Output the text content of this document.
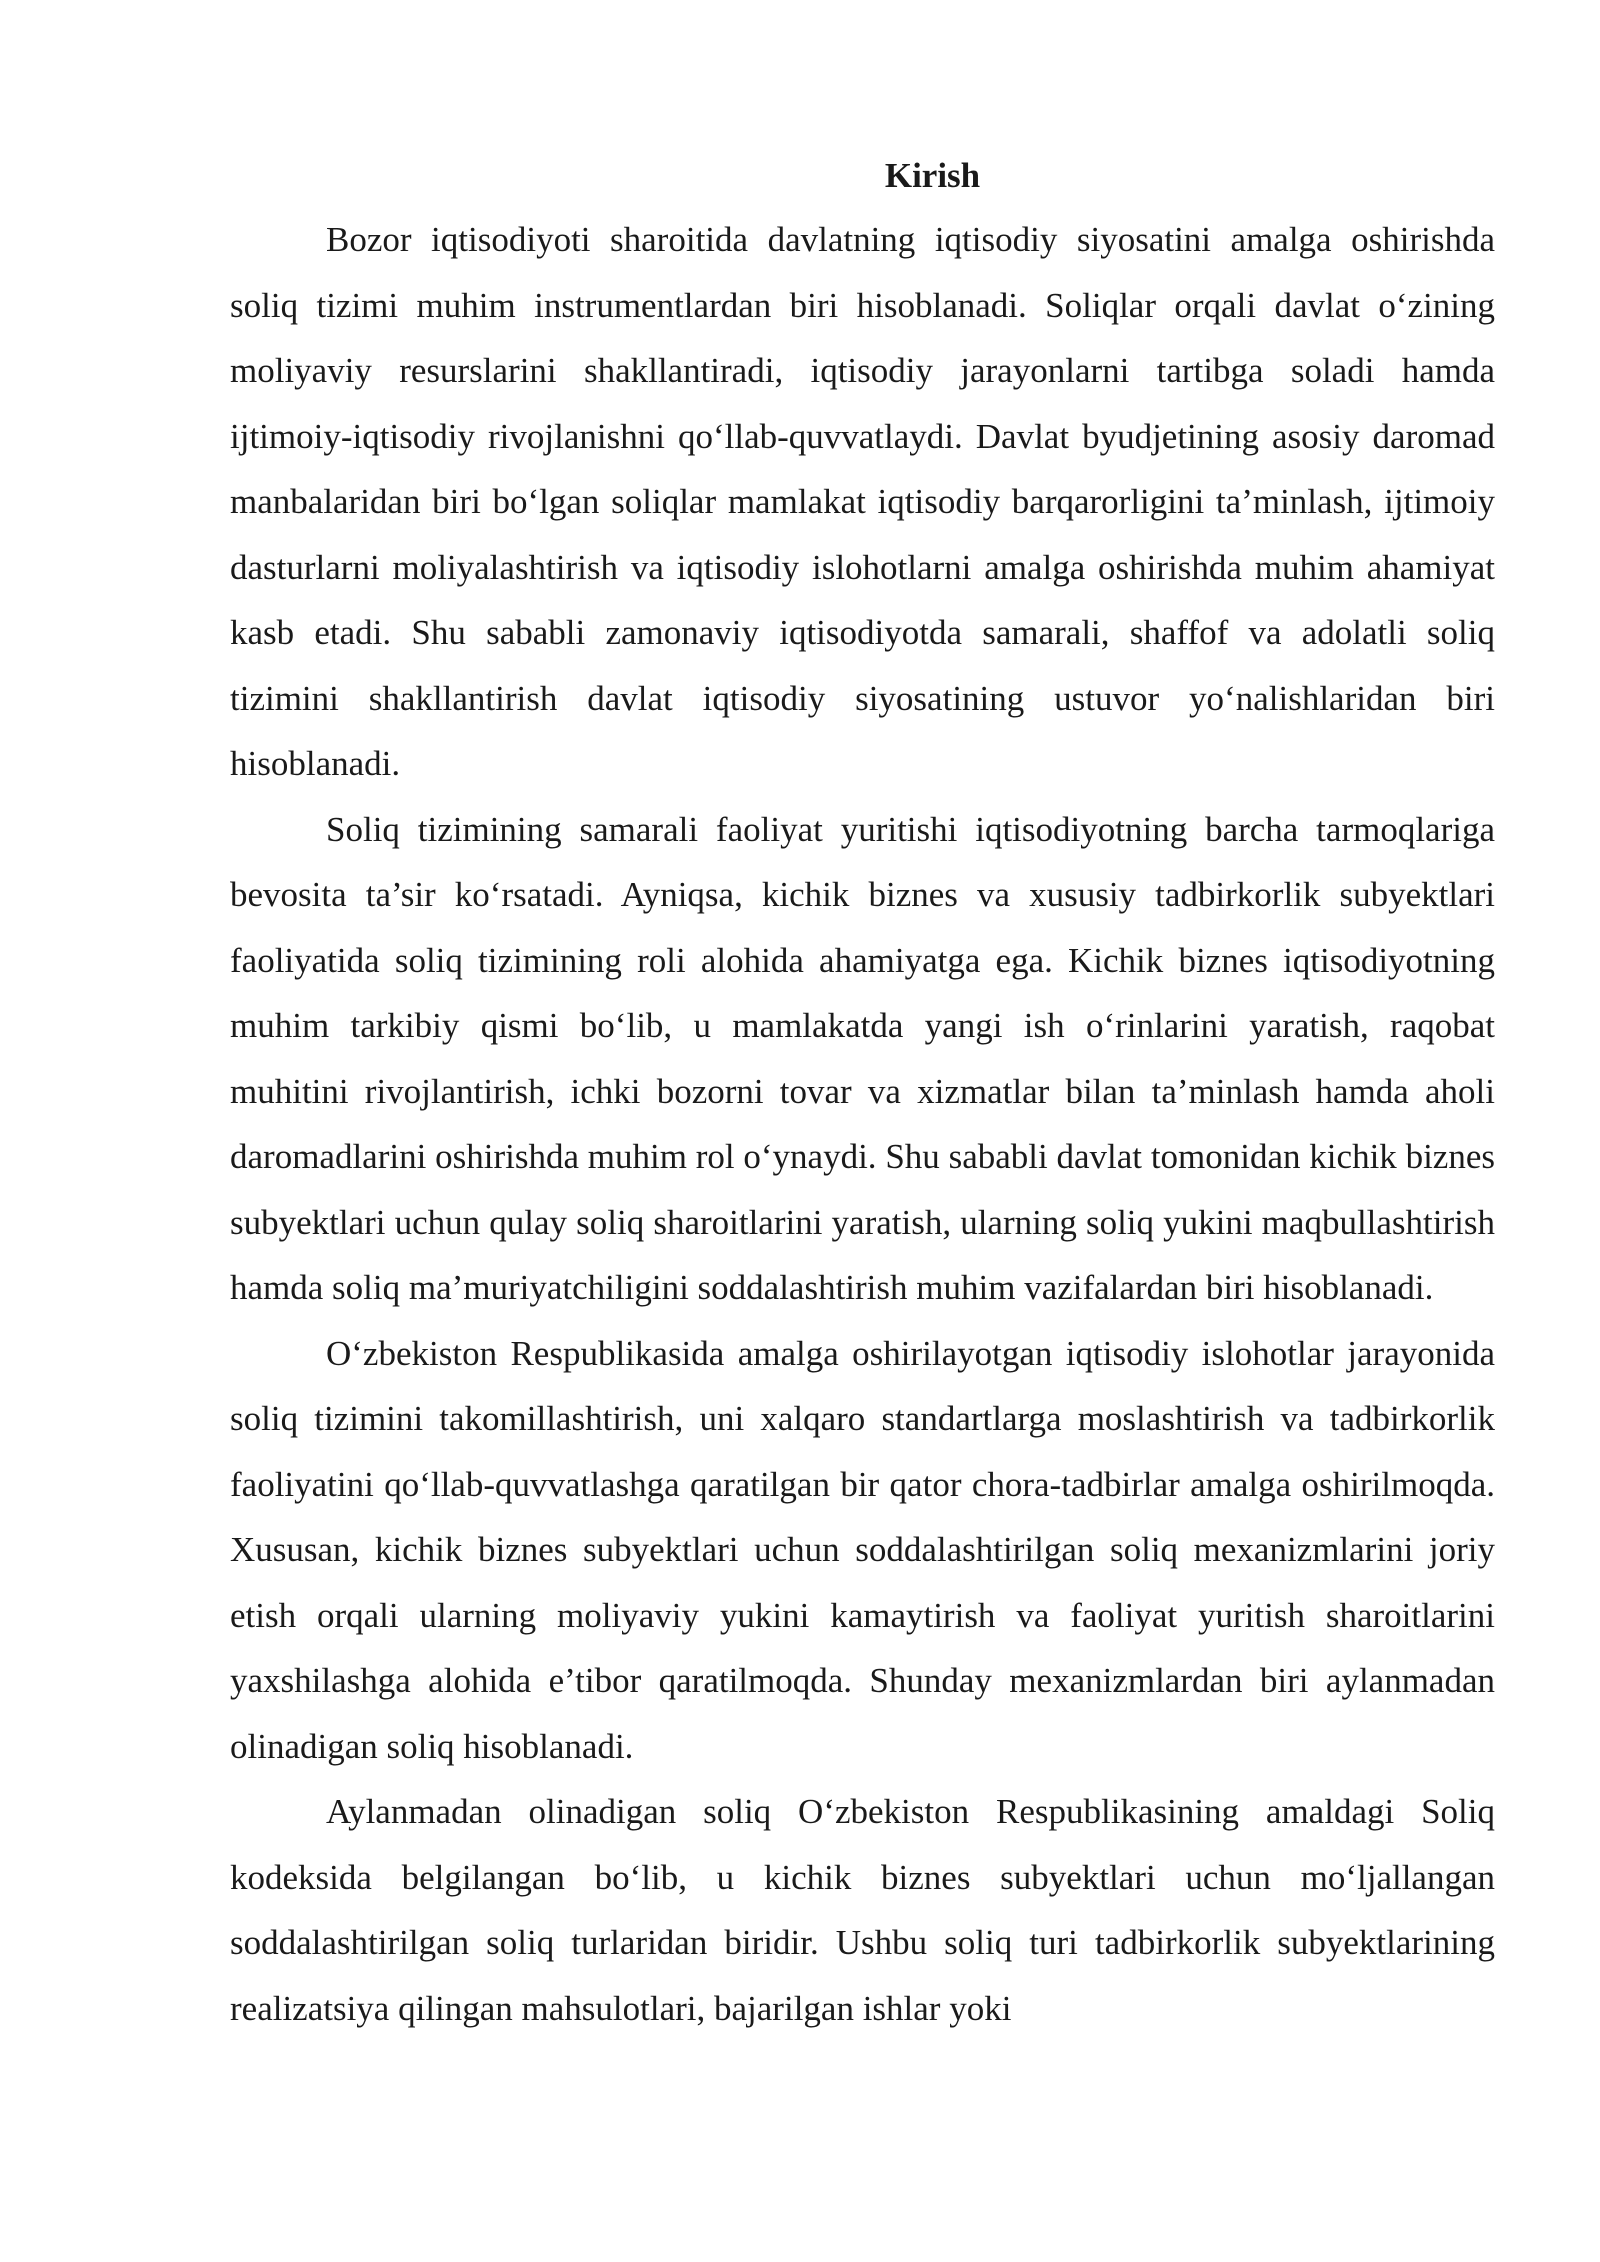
Kirish

Bozor iqtisodiyoti sharoitida davlatning iqtisodiy siyosatini amalga oshirishda soliq tizimi muhim instrumentlardan biri hisoblanadi. Soliqlar orqali davlat o‘zining moliyaviy resurslarini shakllantiradi, iqtisodiy jarayonlarni tartibga soladi hamda ijtimoiy-iqtisodiy rivojlanishni qo‘llab-quvvatlaydi. Davlat byudjetining asosiy daromad manbalaridan biri bo‘lgan soliqlar mamlakat iqtisodiy barqarorligini ta’minlash, ijtimoiy dasturlarni moliyalashtirish va iqtisodiy islohotlarni amalga oshirishda muhim ahamiyat kasb etadi. Shu sababli zamonaviy iqtisodiyotda samarali, shaffof va adolatli soliq tizimini shakllantirish davlat iqtisodiy siyosatining ustuvor yo‘nalishlaridan biri hisoblanadi.

Soliq tizimining samarali faoliyat yuritishi iqtisodiyotning barcha tarmoqlariga bevosita ta’sir ko‘rsatadi. Ayniqsa, kichik biznes va xususiy tadbirkorlik subyektlari faoliyatida soliq tizimining roli alohida ahamiyatga ega. Kichik biznes iqtisodiyotning muhim tarkibiy qismi bo‘lib, u mamlakatda yangi ish o‘rinlarini yaratish, raqobat muhitini rivojlantirish, ichki bozorni tovar va xizmatlar bilan ta’minlash hamda aholi daromadlarini oshirishda muhim rol o‘ynaydi. Shu sababli davlat tomonidan kichik biznes subyektlari uchun qulay soliq sharoitlarini yaratish, ularning soliq yukini maqbullashtirish hamda soliq ma’muriyatchiligini soddalashtirish muhim vazifalardan biri hisoblanadi.

O‘zbekiston Respublikasida amalga oshirilayotgan iqtisodiy islohotlar jarayonida soliq tizimini takomillashtirish, uni xalqaro standartlarga moslashtirish va tadbirkorlik faoliyatini qo‘llab-quvvatlashga qaratilgan bir qator chora-tadbirlar amalga oshirilmoqda. Xususan, kichik biznes subyektlari uchun soddalashtirilgan soliq mexanizmlarini joriy etish orqali ularning moliyaviy yukini kamaytirish va faoliyat yuritish sharoitlarini yaxshilashga alohida e’tibor qaratilmoqda. Shunday mexanizmlardan biri aylanmadan olinadigan soliq hisoblanadi.

Aylanmadan olinadigan soliq O‘zbekiston Respublikasining amaldagi Soliq kodeksida belgilangan bo‘lib, u kichik biznes subyektlari uchun mo‘ljallangan soddalashtirilgan soliq turlaridan biridir. Ushbu soliq turi tadbirkorlik subyektlarining realizatsiya qilingan mahsulotlari, bajarilgan ishlar yoki
